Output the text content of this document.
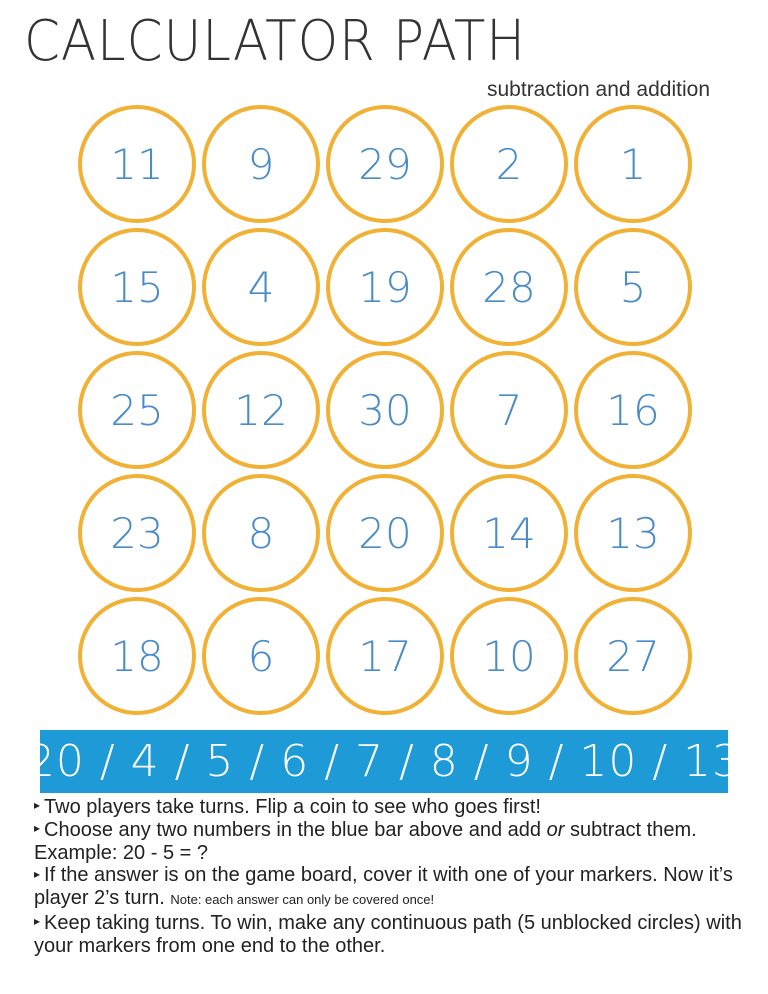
CALCULATOR PATH
subtraction and addition
11	9	29	2	1
15	4	19	28	5
25	12	30	7	16
23	8	20	14	13
18	6	17	10	27
20 / 4 / 5 / 6 / 7 / 8 / 9 / 10 / 13

▸ Two players take turns. Flip a coin to see who goes first!

▸ Choose any two numbers in the blue bar above and add or subtract them. Example: 20 - 5 = ?

▸ If the answer is on the game board, cover it with one of your markers. Now it’s player 2’s turn. Note: each answer can only be covered once!

▸ Keep taking turns. To win, make any continuous path (5 unblocked circles) with your markers from one end to the other.
